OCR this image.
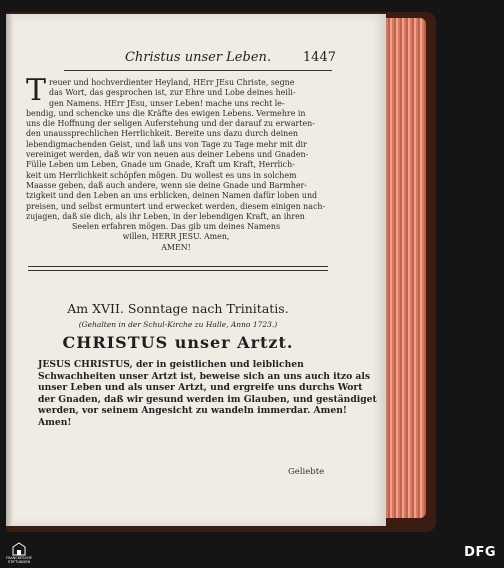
Christus unser Leben.	1447
T reuer und hochverdienter Heyland, HErr JEsu Christe, segne
das Wort, das gesprochen ist, zur Ehre und Lobe deines heili-
gen Namens. HErr JEsu, unser Leben! mache uns recht le-
bendig, und schencke uns die Kräfte des ewigen Lebens. Vermehre in
uns die Hoffnung der seligen Auferstehung und der darauf zu erwarten-
den unaussprechlichen Herrlichkeit. Bereite uns dazu durch deinen
lebendigmachenden Geist, und laß uns von Tage zu Tage mehr mit dir
vereiniget werden, daß wir von neuen aus deiner Lebens und Gnaden-
Fülle Leben um Leben, Gnade um Gnade, Kraft um Kraft, Herrlich-
keit um Herrlichkeit schöpfen mögen. Du wollest es uns in solchem
Maasse geben, daß auch andere, wenn sie deine Gnade und Barmher-
tzigkeit und den Leben an uns erblicken, deinen Namen dafür loben und
preisen, und selbst ermuntert und erwecket werden, diesem einigen nach-
zujagen, daß sie dich, als ihr Leben, in der lebendigen Kraft, an ihren
Seelen erfahren mögen. Das gib um deines Namens
willen, HERR JESU. Amen,
AMEN!
Am XVII. Sonntage nach Trinitatis.
(Gehalten in der Schul-Kirche zu Halle, Anno 1723.)
CHRISTUS unser Artzt.
JESUS CHRISTUS, der in geistlichen und leiblichen
Schwachheiten unser Artzt ist, beweise sich an uns auch itzo als
unser Leben und als unser Artzt, und ergreife uns durchs Wort
der Gnaden, daß wir gesund werden im Glauben, und geständiget
werden, vor seinem Angesicht zu wandeln immerdar. Amen!
Amen!
Geliebte
FRANCKESCHE STIFTUNGEN
DFG
